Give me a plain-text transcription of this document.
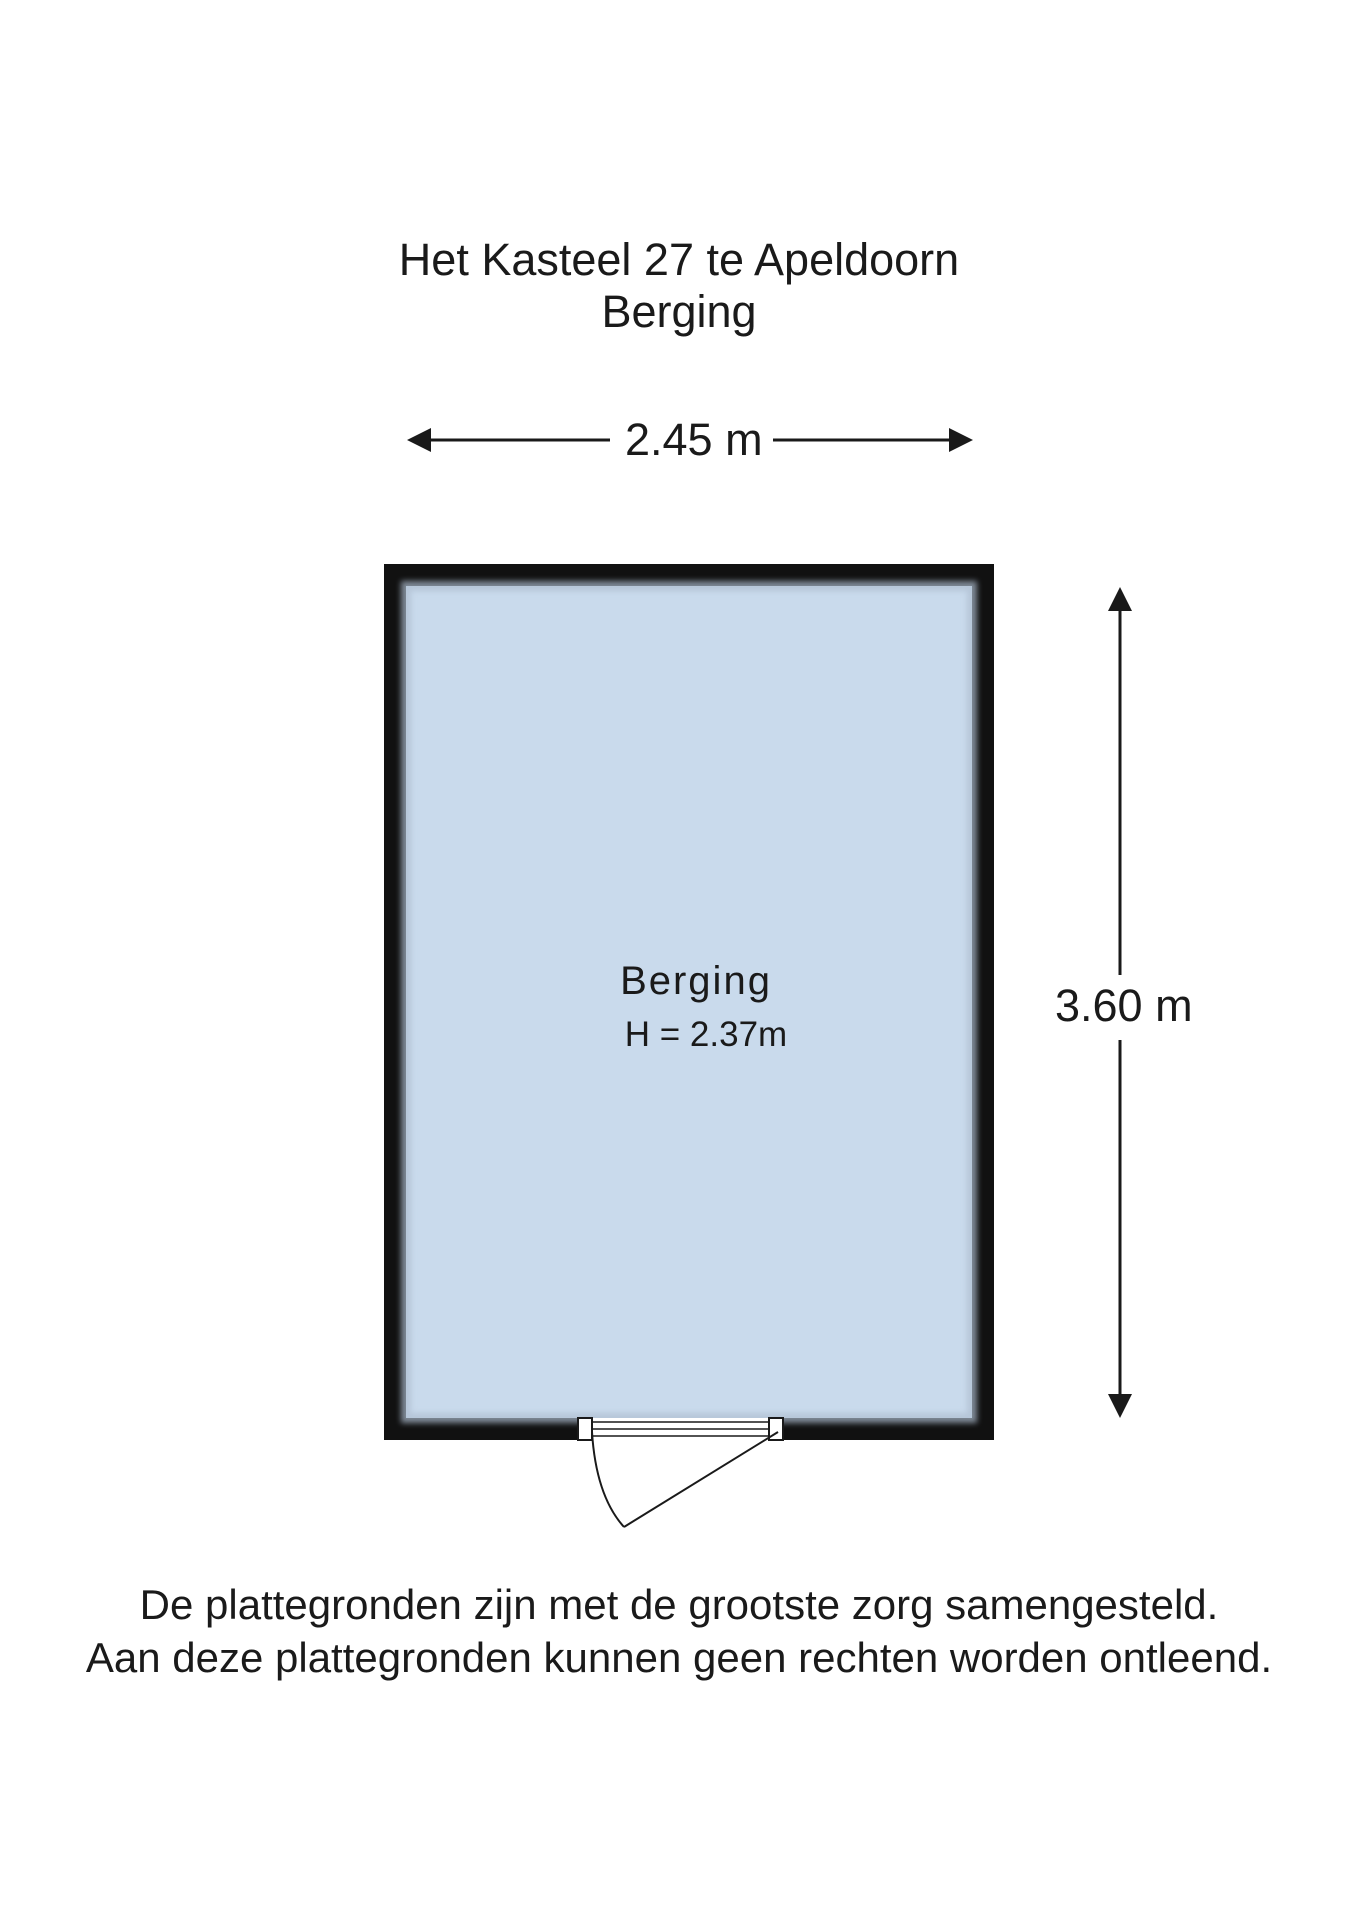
Het Kasteel 27 te Apeldoorn
Berging
2.45 m
3.60 m
Berging
H = 2.37m

De plattegronden zijn met de grootste zorg samengesteld.

Aan deze plattegronden kunnen geen rechten worden ontleend.
